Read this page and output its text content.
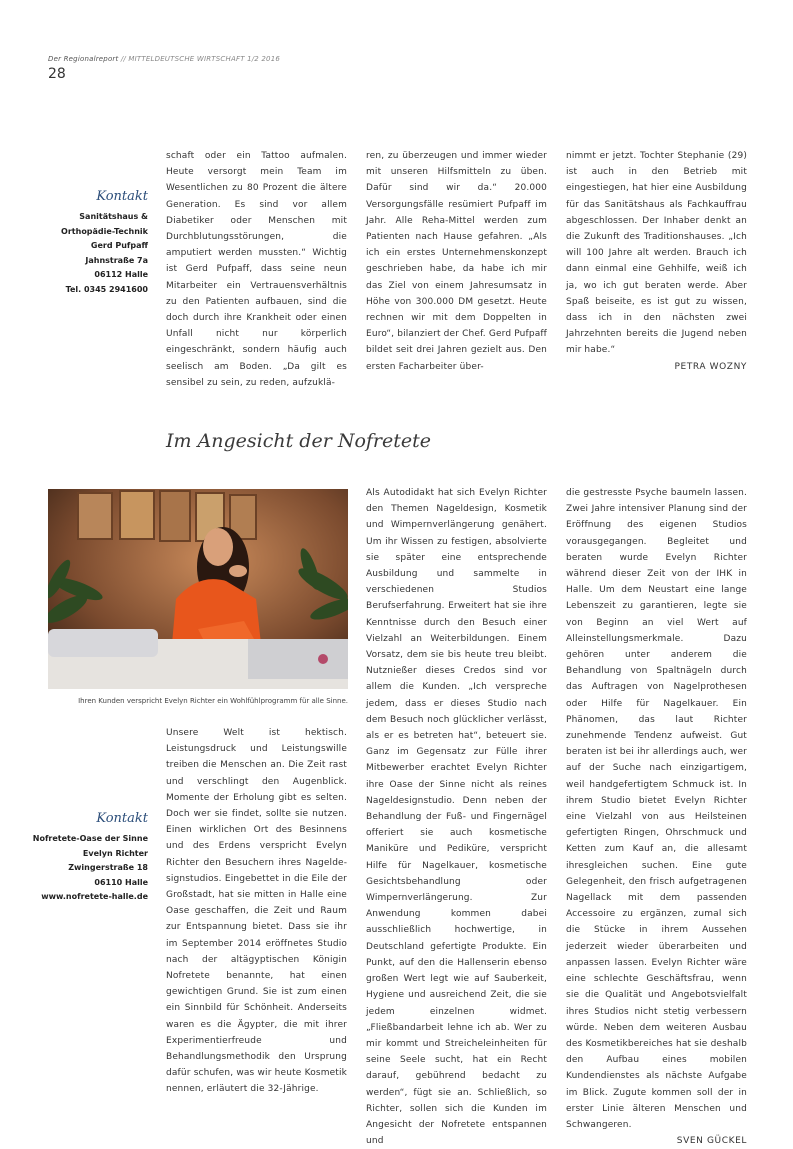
Der Regionalreport // MITTELDEUTSCHE WIRTSCHAFT 1/2 2016
28
Kontakt
Sanitätshaus &
Orthopädie-Technik
Gerd Pufpaff
Jahnstraße 7a
06112 Halle
Tel. 0345 2941600

schaft oder ein Tattoo aufmalen. Heute versorgt mein Team im Wesentlichen zu 80 Prozent die ältere Generation. Es sind vor allem Diabetiker oder Menschen mit Durchblutungsstörungen, die amputiert werden mussten.“ Wichtig ist Gerd Pufpaff, dass seine neun Mitarbeiter ein Vertrauensverhältnis zu den Patienten aufbauen, sind die doch durch ihre Krankheit oder einen Unfall nicht nur körperlich eingeschränkt, sondern häufig auch seelisch am Boden. „Da gilt es sensibel zu sein, zu reden, aufzuklä-

ren, zu überzeugen und immer wieder mit unseren Hilfsmitteln zu üben. Dafür sind wir da.“ 20.000 Versorgungsfälle resümiert Pufpaff im Jahr. Alle Reha-Mittel werden zum Patienten nach Hause gefahren. „Als ich ein erstes Unternehmenskonzept geschrieben habe, da habe ich mir das Ziel von einem Jahresumsatz in Höhe von 300.000 DM gesetzt. Heute rechnen wir mit dem Doppelten in Euro“, bilanziert der Chef. Gerd Pufpaff bildet seit drei Jahren gezielt aus. Den ersten Facharbeiter über-

nimmt er jetzt. Tochter Stephanie (29) ist auch in den Betrieb mit eingestiegen, hat hier eine Ausbildung für das Sanitätshaus als Fachkauffrau abgeschlossen. Der Inhaber denkt an die Zukunft des Traditionshauses. „Ich will 100 Jahre alt werden. Brauch ich dann einmal eine Gehhilfe, weiß ich ja, wo ich gut beraten werde. Aber Spaß beiseite, es ist gut zu wissen, dass ich in den nächsten zwei Jahrzehnten bereits die Jugend neben mir habe.“

PETRA WOZNY
Im Angesicht der Nofretete
Ihren Kunden verspricht Evelyn Richter ein Wohlfühlprogramm für alle Sinne.
Kontakt
Nofretete-Oase der Sinne
Evelyn Richter
Zwingerstraße 18
06110 Halle
www.nofretete-halle.de

Unsere Welt ist hektisch. Leistungsdruck und Leistungswille treiben die Menschen an. Die Zeit rast und verschlingt den Augenblick. Momente der Erholung gibt es selten. Doch wer sie findet, sollte sie nutzen. Einen wirklichen Ort des Besinnens und des Erdens verspricht Evelyn Richter den Besuchern ihres Nageldesignstudios. Eingebettet in die Eile der Großstadt, hat sie mitten in Halle eine Oase geschaffen, die Zeit und Raum zur Entspannung bietet. Dass sie ihr im September 2014 eröffnetes Studio nach der altägyptischen Königin Nofretete benannte, hat einen gewichtigen Grund. Sie ist zum einen ein Sinnbild für Schönheit. Anderseits waren es die Ägypter, die mit ihrer Experimentierfreude und Behandlungsmethodik den Ursprung dafür schufen, was wir heute Kosmetik nennen, erläutert die 32-Jährige.

Als Autodidakt hat sich Evelyn Richter den Themen Nageldesign, Kosmetik und Wimpernverlängerung genähert. Um ihr Wissen zu festigen, absolvierte sie später eine entsprechende Ausbildung und sammelte in verschiedenen Studios Berufserfahrung. Erweitert hat sie ihre Kenntnisse durch den Besuch einer Vielzahl an Weiterbildungen. Einem Vorsatz, dem sie bis heute treu bleibt. Nutznießer dieses Credos sind vor allem die Kunden. „Ich verspreche jedem, dass er dieses Studio nach dem Besuch noch glücklicher verlässt, als er es betreten hat“, beteuert sie. Ganz im Gegensatz zur Fülle ihrer Mitbewerber erachtet Evelyn Richter ihre Oase der Sinne nicht als reines Nageldesignstudio. Denn neben der Behandlung der Fuß- und Fingernägel offeriert sie auch kosmetische Maniküre und Pediküre, verspricht Hilfe für Nagelkauer, kosmetische Gesichtsbehandlung oder Wimpernverlängerung. Zur Anwendung kommen dabei ausschließlich hochwertige, in Deutschland gefertigte Produkte. Ein Punkt, auf den die Hallenserin ebenso großen Wert legt wie auf Sauberkeit, Hygiene und ausreichend Zeit, die sie jedem einzelnen widmet. „Fließbandarbeit lehne ich ab. Wer zu mir kommt und Streicheleinheiten für seine Seele sucht, hat ein Recht darauf, gebührend bedacht zu werden“, fügt sie an. Schließlich, so Richter, sollen sich die Kunden im Angesicht der Nofretete entspannen und

die gestresste Psyche baumeln lassen. Zwei Jahre intensiver Planung sind der Eröffnung des eigenen Studios vorausgegangen. Begleitet und beraten wurde Evelyn Richter während dieser Zeit von der IHK in Halle. Um dem Neustart eine lange Lebenszeit zu garantieren, legte sie von Beginn an viel Wert auf Alleinstellungsmerkmale. Dazu gehören unter anderem die Behandlung von Spaltnägeln durch das Auftragen von Nagelprothesen oder Hilfe für Nagelkauer. Ein Phänomen, das laut Richter zunehmende Tendenz aufweist. Gut beraten ist bei ihr allerdings auch, wer auf der Suche nach einzigartigem, weil handgefertigtem Schmuck ist. In ihrem Studio bietet Evelyn Richter eine Vielzahl von aus Heilsteinen gefertigten Ringen, Ohrschmuck und Ketten zum Kauf an, die allesamt ihresgleichen suchen. Eine gute Gelegenheit, den frisch aufgetragenen Nagellack mit dem passenden Accessoire zu ergänzen, zumal sich die Stücke in ihrem Aussehen jederzeit wieder überarbeiten und anpassen lassen. Evelyn Richter wäre eine schlechte Geschäftsfrau, wenn sie die Qualität und Angebotsvielfalt ihres Studios nicht stetig verbessern würde. Neben dem weiteren Ausbau des Kosmetikbereiches hat sie deshalb den Aufbau eines mobilen Kundendienstes als nächste Aufgabe im Blick. Zugute kommen soll der in erster Linie älteren Menschen und Schwangeren.

SVEN GÜCKEL
